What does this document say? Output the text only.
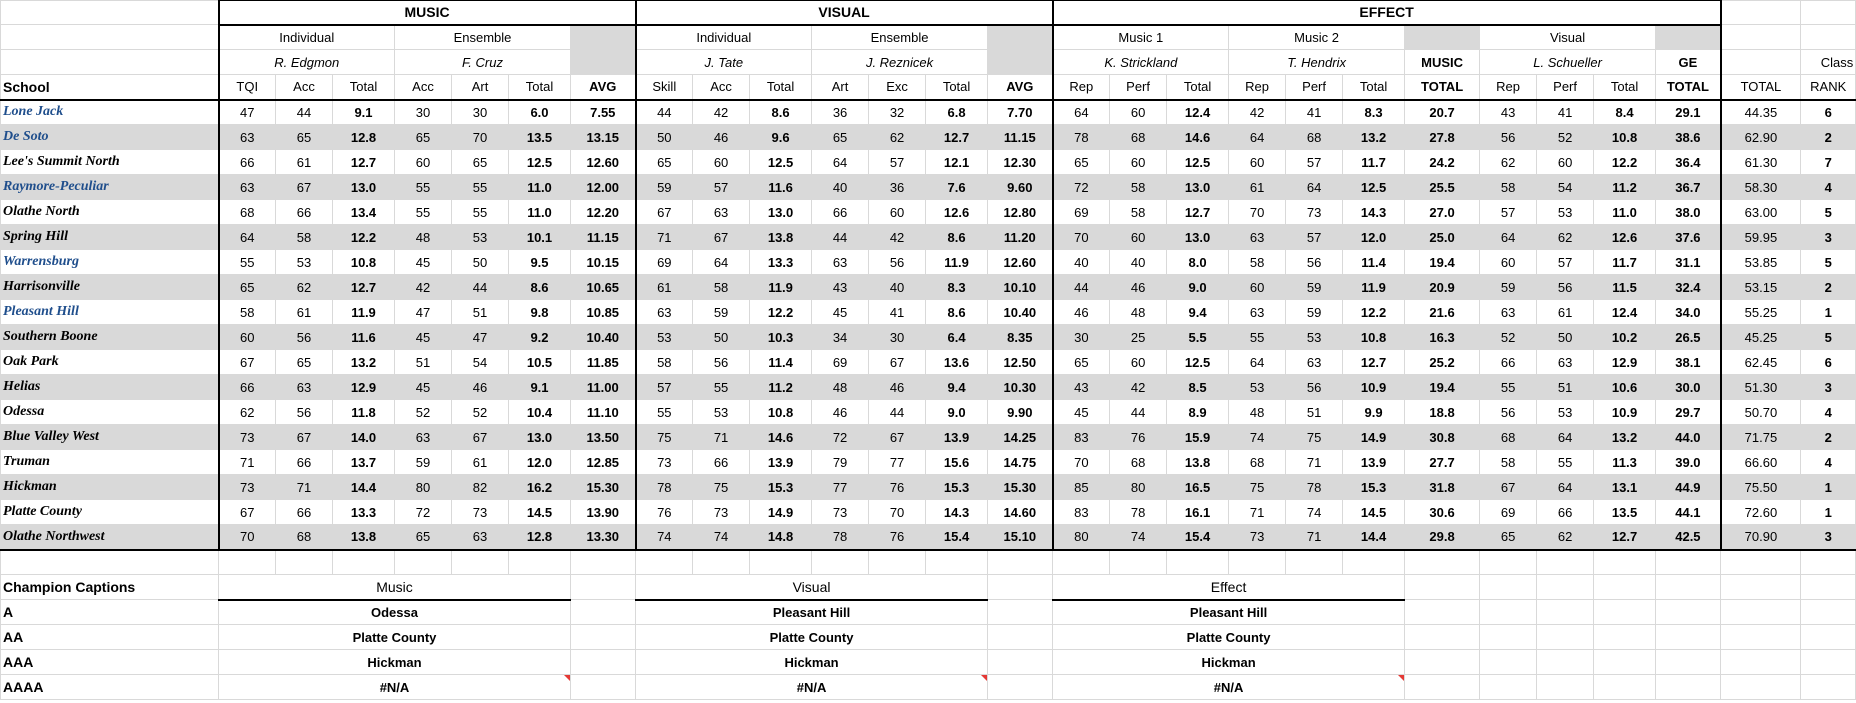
	MUSIC							VISUAL							EFFECT												
	Individual			Ensemble				Individual			Ensemble				Music 1			Music 2				Visual					
	R. Edgmon			F. Cruz				J. Tate			J. Reznicek				K. Strickland			T. Hendrix			MUSIC	L. Schueller			GE		Class
School	TQI	Acc	Total	Acc	Art	Total	AVG	Skill	Acc	Total	Art	Exc	Total	AVG	Rep	Perf	Total	Rep	Perf	Total	TOTAL	Rep	Perf	Total	TOTAL	TOTAL	RANK
Lone Jack	47	44	9.1	30	30	6.0	7.55	44	42	8.6	36	32	6.8	7.70	64	60	12.4	42	41	8.3	20.7	43	41	8.4	29.1	44.35	6
De Soto	63	65	12.8	65	70	13.5	13.15	50	46	9.6	65	62	12.7	11.15	78	68	14.6	64	68	13.2	27.8	56	52	10.8	38.6	62.90	2
Lee's Summit North	66	61	12.7	60	65	12.5	12.60	65	60	12.5	64	57	12.1	12.30	65	60	12.5	60	57	11.7	24.2	62	60	12.2	36.4	61.30	7
Raymore-Peculiar	63	67	13.0	55	55	11.0	12.00	59	57	11.6	40	36	7.6	9.60	72	58	13.0	61	64	12.5	25.5	58	54	11.2	36.7	58.30	4
Olathe North	68	66	13.4	55	55	11.0	12.20	67	63	13.0	66	60	12.6	12.80	69	58	12.7	70	73	14.3	27.0	57	53	11.0	38.0	63.00	5
Spring Hill	64	58	12.2	48	53	10.1	11.15	71	67	13.8	44	42	8.6	11.20	70	60	13.0	63	57	12.0	25.0	64	62	12.6	37.6	59.95	3
Warrensburg	55	53	10.8	45	50	9.5	10.15	69	64	13.3	63	56	11.9	12.60	40	40	8.0	58	56	11.4	19.4	60	57	11.7	31.1	53.85	5
Harrisonville	65	62	12.7	42	44	8.6	10.65	61	58	11.9	43	40	8.3	10.10	44	46	9.0	60	59	11.9	20.9	59	56	11.5	32.4	53.15	2
Pleasant Hill	58	61	11.9	47	51	9.8	10.85	63	59	12.2	45	41	8.6	10.40	46	48	9.4	63	59	12.2	21.6	63	61	12.4	34.0	55.25	1
Southern Boone	60	56	11.6	45	47	9.2	10.40	53	50	10.3	34	30	6.4	8.35	30	25	5.5	55	53	10.8	16.3	52	50	10.2	26.5	45.25	5
Oak Park	67	65	13.2	51	54	10.5	11.85	58	56	11.4	69	67	13.6	12.50	65	60	12.5	64	63	12.7	25.2	66	63	12.9	38.1	62.45	6
Helias	66	63	12.9	45	46	9.1	11.00	57	55	11.2	48	46	9.4	10.30	43	42	8.5	53	56	10.9	19.4	55	51	10.6	30.0	51.30	3
Odessa	62	56	11.8	52	52	10.4	11.10	55	53	10.8	46	44	9.0	9.90	45	44	8.9	48	51	9.9	18.8	56	53	10.9	29.7	50.70	4
Blue Valley West	73	67	14.0	63	67	13.0	13.50	75	71	14.6	72	67	13.9	14.25	83	76	15.9	74	75	14.9	30.8	68	64	13.2	44.0	71.75	2
Truman	71	66	13.7	59	61	12.0	12.85	73	66	13.9	79	77	15.6	14.75	70	68	13.8	68	71	13.9	27.7	58	55	11.3	39.0	66.60	4
Hickman	73	71	14.4	80	82	16.2	15.30	78	75	15.3	77	76	15.3	15.30	85	80	16.5	75	78	15.3	31.8	67	64	13.1	44.9	75.50	1
Platte County	67	66	13.3	72	73	14.5	13.90	76	73	14.9	73	70	14.3	14.60	83	78	16.1	71	74	14.5	30.6	69	66	13.5	44.1	72.60	1
Olathe Northwest	70	68	13.8	65	63	12.8	13.30	74	74	14.8	78	76	15.4	15.10	80	74	15.4	73	71	14.4	29.8	65	62	12.7	42.5	70.90	3

Champion Captions	Music							Visual							Effect												
A	Odessa							Pleasant Hill							Pleasant Hill												
AA	Platte County							Platte County							Platte County												
AAA	Hickman							Hickman							Hickman												
AAAA	#N/A							#N/A							#N/A												
